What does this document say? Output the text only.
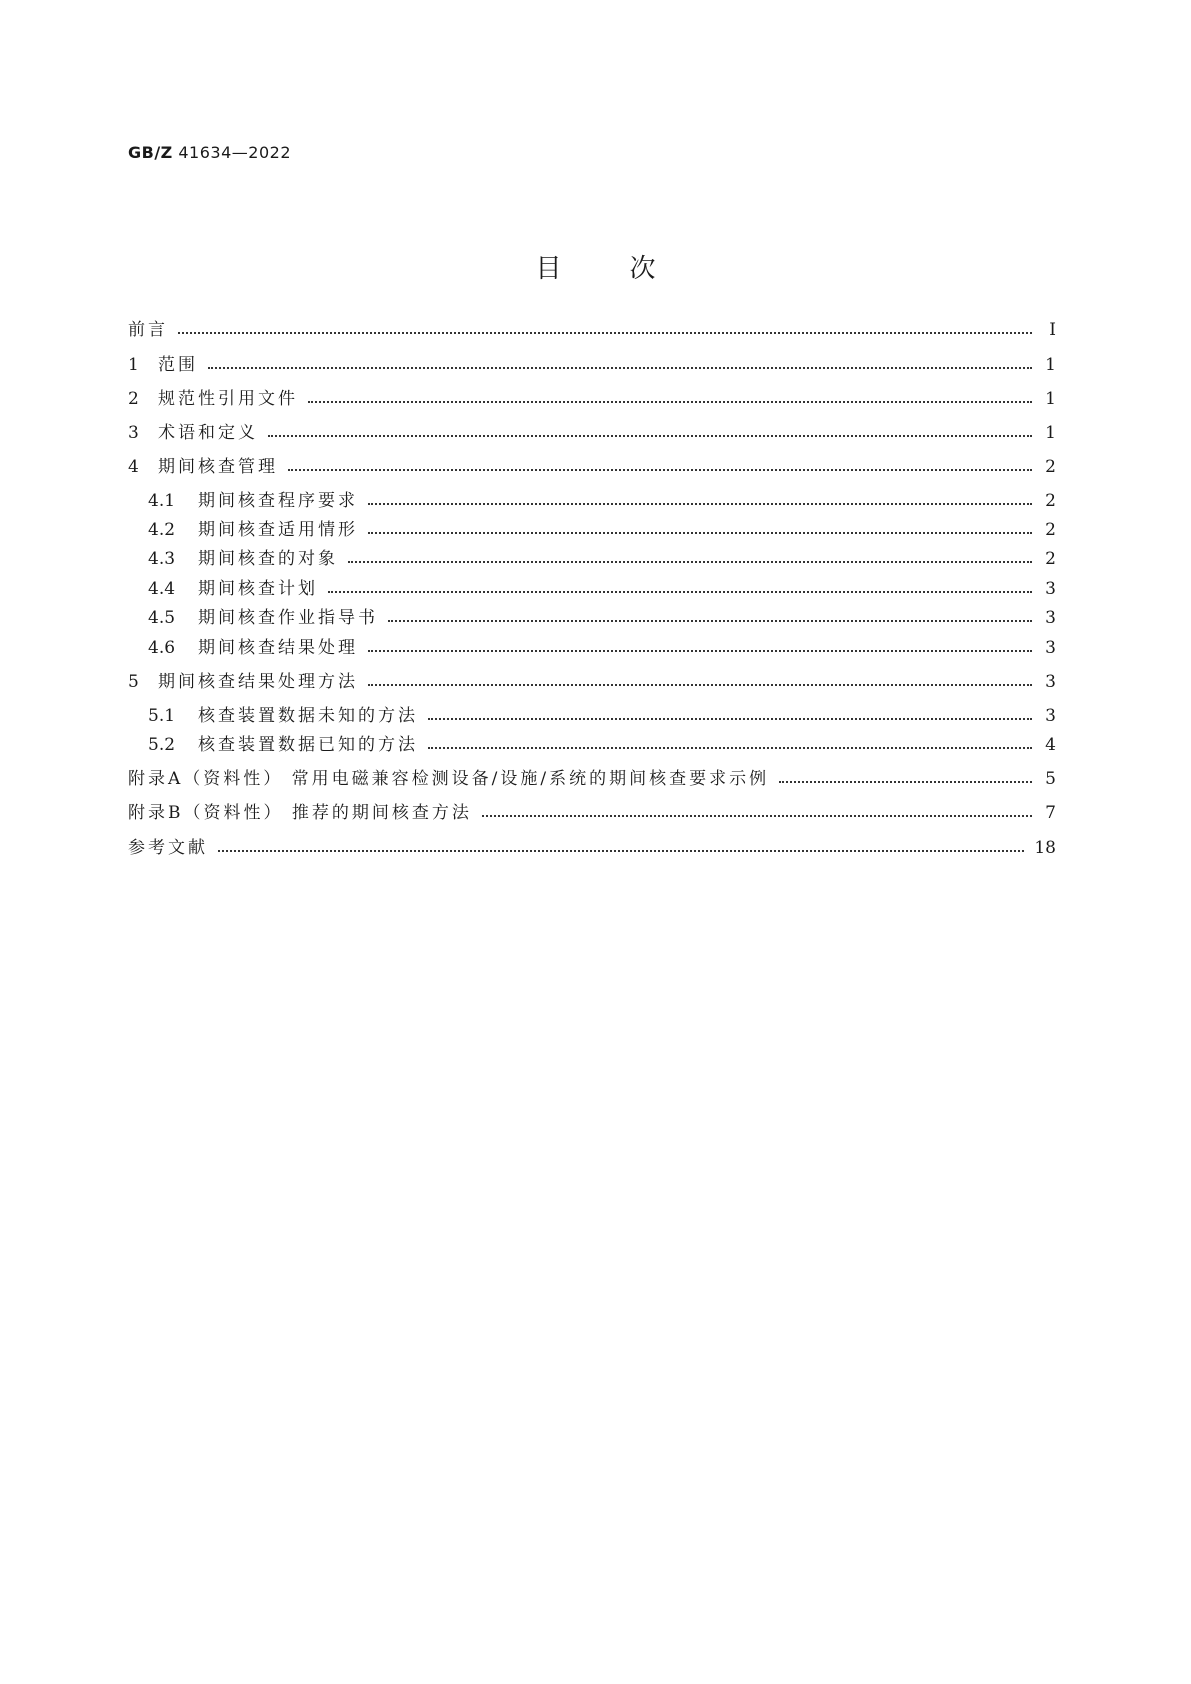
GB/Z 41634—2022
目次
前言	Ⅰ
1	范围	1
2	规范性引用文件	1
3	术语和定义	1
4	期间核查管理	2
4.1	期间核查程序要求	2
4.2	期间核查适用情形	2
4.3	期间核查的对象	2
4.4	期间核查计划	3
4.5	期间核查作业指导书	3
4.6	期间核查结果处理	3
5	期间核查结果处理方法	3
5.1	核查装置数据未知的方法	3
5.2	核查装置数据已知的方法	4
附录A（资料性） 常用电磁兼容检测设备/设施/系统的期间核查要求示例	5
附录B（资料性） 推荐的期间核查方法	7
参考文献	18
